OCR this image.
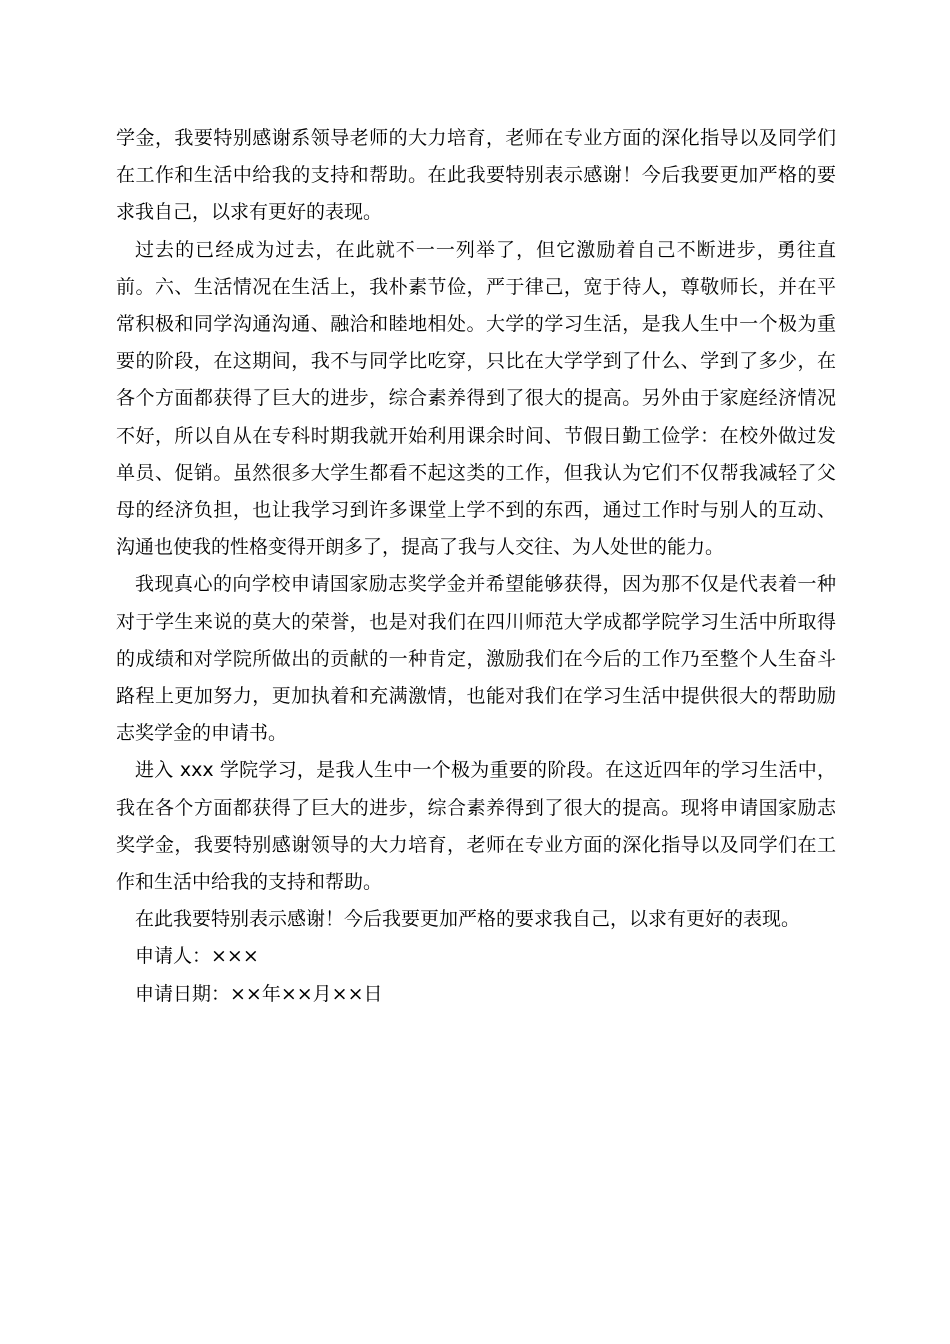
学金，我要特别感谢系领导老师的大力培育，老师在专业方面的深化指导以及同学们在工作和生活中给我的支持和帮助。在此我要特别表示感谢！今后我要更加严格的要求我自己，以求有更好的表现。

过去的已经成为过去，在此就不一一列举了，但它激励着自己不断进步，勇往直前。六、生活情况在生活上，我朴素节俭，严于律己，宽于待人，尊敬师长，并在平常积极和同学沟通沟通、融洽和睦地相处。大学的学习生活，是我人生中一个极为重要的阶段，在这期间，我不与同学比吃穿，只比在大学学到了什么、学到了多少，在各个方面都获得了巨大的进步，综合素养得到了很大的提高。另外由于家庭经济情况不好，所以自从在专科时期我就开始利用课余时间、节假日勤工俭学：在校外做过发单员、促销。虽然很多大学生都看不起这类的工作，但我认为它们不仅帮我减轻了父母的经济负担，也让我学习到许多课堂上学不到的东西，通过工作时与别人的互动、沟通也使我的性格变得开朗多了，提高了我与人交往、为人处世的能力。

我现真心的向学校申请国家励志奖学金并希望能够获得，因为那不仅是代表着一种对于学生来说的莫大的荣誉，也是对我们在四川师范大学成都学院学习生活中所取得的成绩和对学院所做出的贡献的一种肯定，激励我们在今后的工作乃至整个人生奋斗路程上更加努力，更加执着和充满激情，也能对我们在学习生活中提供很大的帮助励志奖学金的申请书。

进入 xxx 学院学习，是我人生中一个极为重要的阶段。在这近四年的学习生活中，我在各个方面都获得了巨大的进步，综合素养得到了很大的提高。现将申请国家励志奖学金，我要特别感谢领导的大力培育，老师在专业方面的深化指导以及同学们在工作和生活中给我的支持和帮助。

在此我要特别表示感谢！今后我要更加严格的要求我自己，以求有更好的表现。

申请人：×××

申请日期：××年××月××日
